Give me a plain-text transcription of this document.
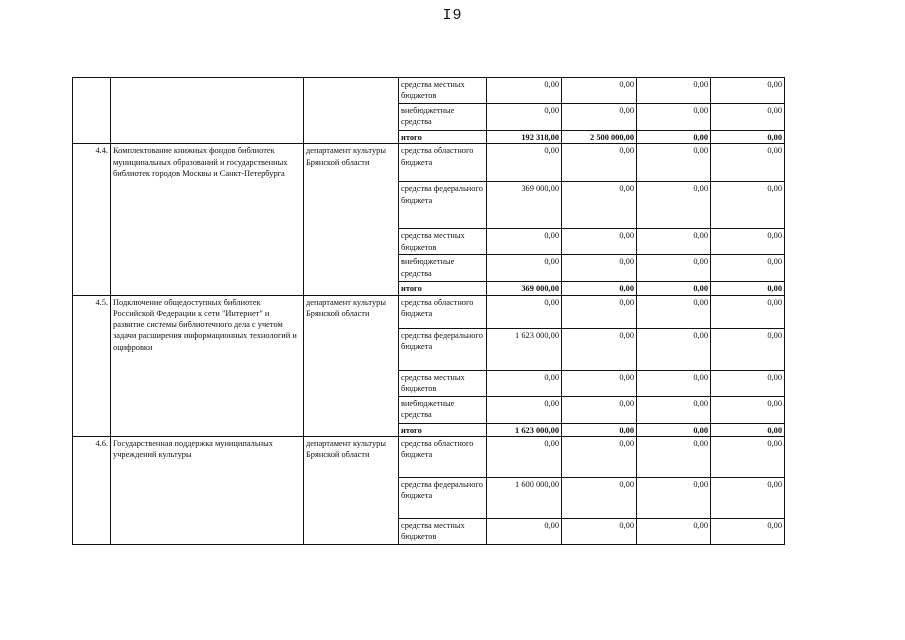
I9
			средства местных бюджетов	0,00	0,00	0,00	0,00	
			внебюджетные средства	0,00	0,00	0,00	0,00	
			итого	192 318,00	2 500 000,00	0,00	0,00	
4.4.	Комплектование книжных фондов библиотек муниципальных образований и государственных библиотек городов Москвы и Санкт-Петербурга	департамент культуры Брянской области	средства областного бюджета	0,00	0,00	0,00	0,00	
			средства федерального бюджета	369 000,00	0,00	0,00	0,00	
			средства местных бюджетов	0,00	0,00	0,00	0,00	
			внебюджетные средства	0,00	0,00	0,00	0,00	
			итого	369 000,00	0,00	0,00	0,00	
4.5.	Подключение общедоступных библиотек Российской Федерации к сети "Интернет" и развитие системы библиотечного дела с учетом задачи расширения информационных технологий и оцифровки	департамент культуры Брянской области	средства областного бюджета	0,00	0,00	0,00	0,00	
			средства федерального бюджета	1 623 000,00	0,00	0,00	0,00	
			средства местных бюджетов	0,00	0,00	0,00	0,00	
			внебюджетные средства	0,00	0,00	0,00	0,00	
			итого	1 623 000,00	0,00	0,00	0,00	
4.6.	Государственная поддержка муниципальных учреждений культуры	департамент культуры Брянской области	средства областного бюджета	0,00	0,00	0,00	0,00	
			средства федерального бюджета	1 600 000,00	0,00	0,00	0,00	
			средства местных бюджетов	0,00	0,00	0,00	0,00	
